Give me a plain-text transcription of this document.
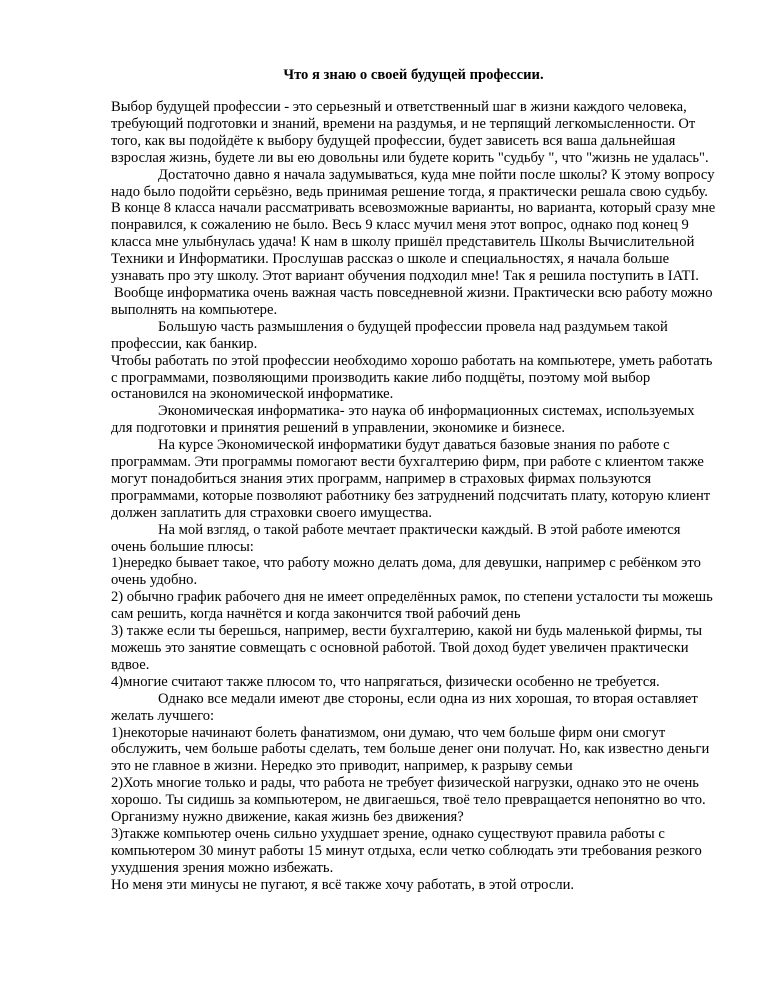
Что я знаю о своей будущей профессии.

Выбор будущей профессии - это серьезный и ответственный шаг в жизни каждого человека, требующий подготовки и знаний, времени на раздумья, и не терпящий легкомысленности. От того, как вы подойдёте к выбору будущей профессии, будет зависеть вся ваша дальнейшая взрослая жизнь, будете ли вы ею довольны или будете корить "судьбу ", что "жизнь не удалась".

Достаточно давно я начала задумываться, куда мне пойти после школы? К этому вопросу надо было подойти серьёзно, ведь принимая решение тогда, я практически решала свою судьбу. В конце 8 класса начали рассматривать всевозможные варианты, но варианта, который сразу мне понравился, к сожалению не было. Весь 9 класс мучил меня этот вопрос, однако под конец 9 класса мне улыбнулась удача! К нам в школу пришёл представитель Школы Вычислительной Техники и Информатики. Прослушав рассказ о школе и специальностях, я начала больше узнавать про эту школу. Этот вариант обучения подходил мне! Так я решила поступить в IATI.

Вообще информатика очень важная часть повседневной жизни. Практически всю работу можно выполнять на компьютере.

Большую часть размышления о будущей профессии провела над раздумьем такой профессии, как банкир.

Чтобы работать по этой профессии необходимо хорошо работать на компьютере, уметь работать с программами, позволяющими производить какие либо подщёты, поэтому мой выбор остановился на экономической информатике.

Экономическая информатика- это наука об информационных системах, используемых для подготовки и принятия решений в управлении, экономике и бизнесе.

На курсе Экономической информатики будут даваться базовые знания по работе с программам. Эти программы помогают вести бухгалтерию фирм, при работе с клиентом также могут понадобиться знания этих программ, например в страховых фирмах пользуются программами, которые позволяют работнику без затруднений подсчитать плату, которую клиент должен заплатить для страховки своего имущества.

На мой взгляд, о такой работе мечтает практически каждый. В этой работе имеются очень большие плюсы:

1)нередко бывает такое, что работу можно делать дома, для девушки, например с ребёнком это очень удобно.

2) обычно график рабочего дня не имеет определённых рамок, по степени усталости ты можешь сам решить, когда начнётся и когда закончится твой рабочий день

3) также если ты берешься, например, вести бухгалтерию, какой ни будь маленькой фирмы, ты можешь это занятие совмещать с основной работой. Твой доход будет увеличен практически вдвое.

4)многие считают также плюсом то, что напрягаться, физически особенно не требуется.

Однако все медали имеют две стороны, если одна из них хорошая, то вторая оставляет желать лучшего:

1)некоторые начинают болеть фанатизмом, они думаю, что чем больше фирм они смогут обслужить, чем больше работы сделать, тем больше денег они получат. Но, как известно деньги это не главное в жизни. Нередко это приводит, например, к разрыву семьи

2)Хоть многие только и рады, что работа не требует физической нагрузки, однако это не очень хорошо. Ты сидишь за компьютером, не двигаешься, твоё тело превращается непонятно во что. Организму нужно движение, какая жизнь без движения?

3)также компьютер очень сильно ухудшает зрение, однако существуют правила работы с компьютером 30 минут работы 15 минут отдыха, если четко соблюдать эти требования резкого ухудшения зрения можно избежать.

Но меня эти минусы не пугают, я всё также хочу работать, в этой отросли.
